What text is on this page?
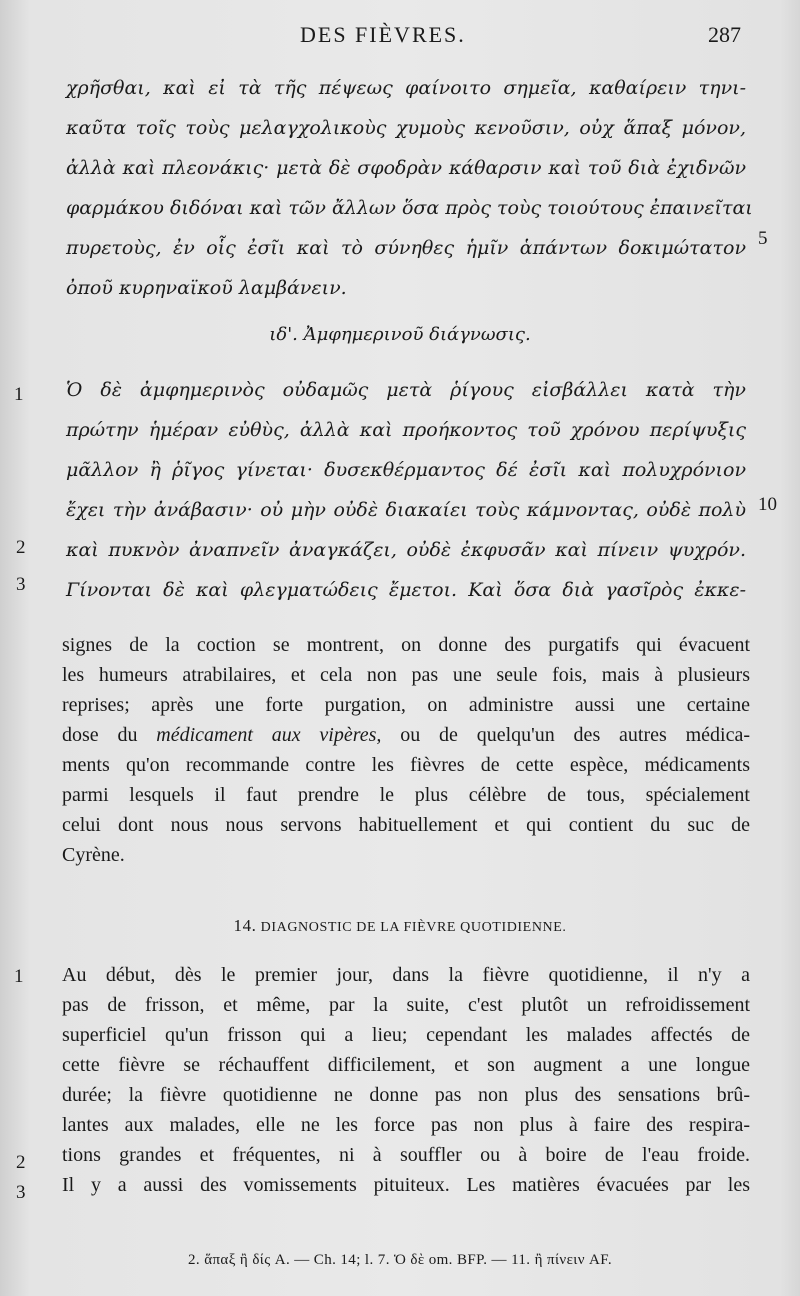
DES FIÈVRES.	287
χρῆσθαι, καὶ εἰ τὰ τῆς πέψεως φαίνοιτο σημεῖα, καθαίρειν τηνι-
καῦτα τοῖς τοὺς μελαγχολικοὺς χυμοὺς κενοῦσιν, οὐχ ἅπαξ μόνον,
ἀλλὰ καὶ πλεονάκις· μετὰ δὲ σφοδρὰν κάθαρσιν καὶ τοῦ διὰ ἐχιδνῶν
φαρμάκου διδόναι καὶ τῶν ἄλλων ὅσα πρὸς τοὺς τοιούτους ἐπαινεῖται
πυρετοὺς, ἐν οἷς ἐσῖι καὶ τὸ σύνηθες ἡμῖν ἁπάντων δοκιμώτατον
ὀποῦ κυρηναϊκοῦ λαμβάνειν.
5
ιδ'. Ἀμφημερινοῦ διάγνωσις.
Ὁ δὲ ἀμφημερινὸς οὐδαμῶς μετὰ ῥίγους εἰσβάλλει κατὰ τὴν
πρώτην ἡμέραν εὐθὺς, ἀλλὰ καὶ προήκοντος τοῦ χρόνου περίψυξις
μᾶλλον ἢ ῥῖγος γίνεται· δυσεκθέρμαντος δέ ἐσῖι καὶ πολυχρόνιον
ἔχει τὴν ἀνάβασιν· οὐ μὴν οὐδὲ διακαίει τοὺς κάμνοντας, οὐδὲ πολὺ
καὶ πυκνὸν ἀναπνεῖν ἀναγκάζει, οὐδὲ ἐκφυσᾶν καὶ πίνειν ψυχρόν.
Γίνονται δὲ καὶ φλεγματώδεις ἔμετοι. Καὶ ὅσα διὰ γασῖρὸς ἐκκε-
1
2
3
10
signes de la coction se montrent, on donne des purgatifs qui évacuent
les humeurs atrabilaires, et cela non pas une seule fois, mais à plusieurs
reprises; après une forte purgation, on administre aussi une certaine
dose du médicament aux vipères, ou de quelqu'un des autres médica-
ments qu'on recommande contre les fièvres de cette espèce, médicaments
parmi lesquels il faut prendre le plus célèbre de tous, spécialement
celui dont nous nous servons habituellement et qui contient du suc de
Cyrène.
14. DIAGNOSTIC DE LA FIÈVRE QUOTIDIENNE.
Au début, dès le premier jour, dans la fièvre quotidienne, il n'y a
pas de frisson, et même, par la suite, c'est plutôt un refroidissement
superficiel qu'un frisson qui a lieu; cependant les malades affectés de
cette fièvre se réchauffent difficilement, et son augment a une longue
durée; la fièvre quotidienne ne donne pas non plus des sensations brû-
lantes aux malades, elle ne les force pas non plus à faire des respira-
tions grandes et fréquentes, ni à souffler ou à boire de l'eau froide.
Il y a aussi des vomissements pituiteux. Les matières évacuées par les
1
2
3
2. ἅπαξ ἢ δίς A. — Ch. 14; l. 7. Ὁ δὲ om. BFP. — 11. ἢ πίνειν AF.
